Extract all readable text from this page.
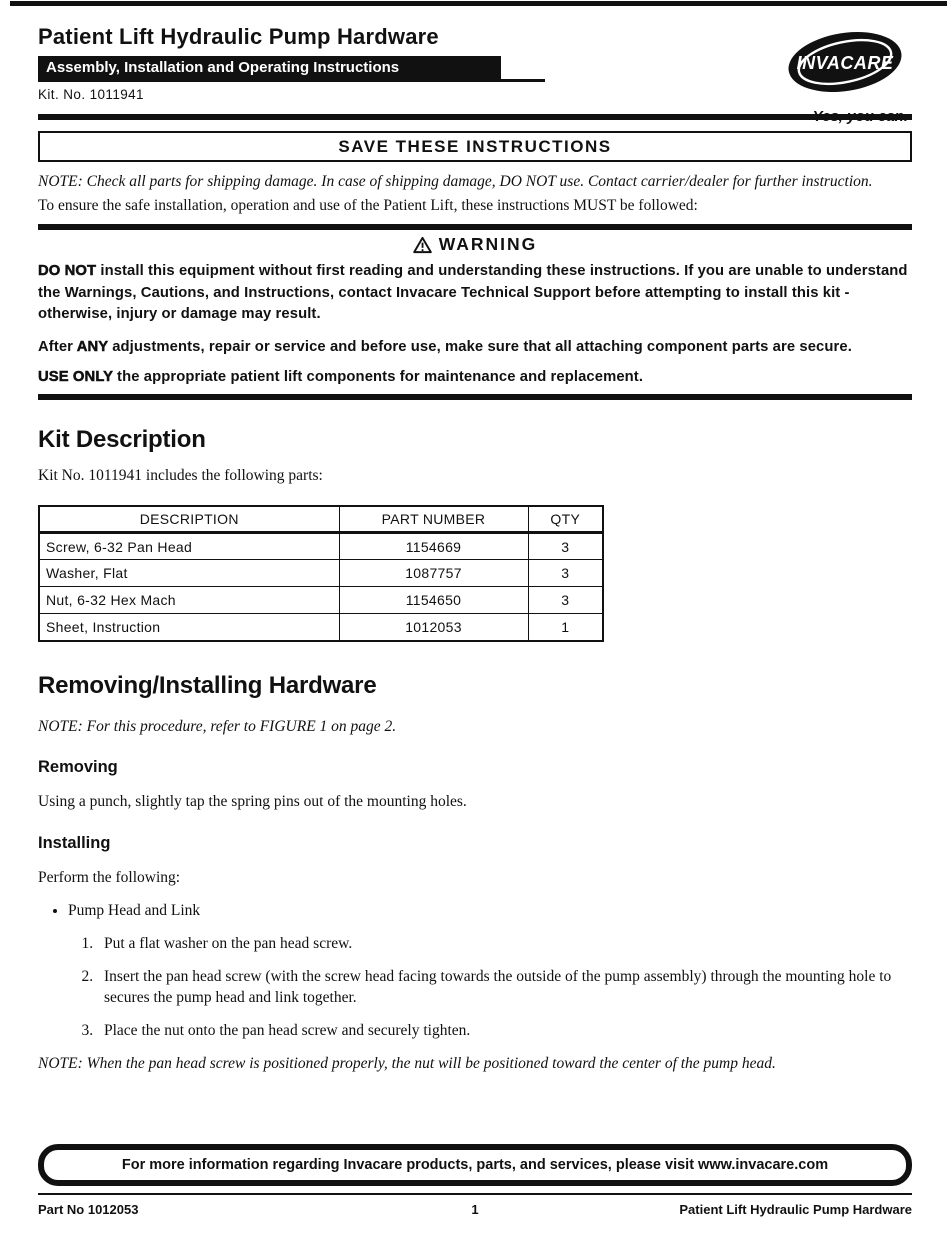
Patient Lift Hydraulic Pump Hardware
Assembly, Installation and Operating Instructions
Kit. No. 1011941
INVACARE
Yes, you can.
SAVE THESE INSTRUCTIONS

NOTE: Check all parts for shipping damage. In case of shipping damage, DO NOT use. Contact carrier/dealer for further instruction.

To ensure the safe installation, operation and use of the Patient Lift, these instructions MUST be followed:

WARNING

DO NOT install this equipment without first reading and understanding these instructions. If you are unable to understand the Warnings, Cautions, and Instructions, contact Invacare Technical Support before attempting to install this kit - otherwise, injury or damage may result.

After ANY adjustments, repair or service and before use, make sure that all attaching component parts are secure.

USE ONLY the appropriate patient lift components for maintenance and replacement.

Kit Description

Kit No. 1011941 includes the following parts:

DESCRIPTION	PART NUMBER	QTY
Screw, 6-32 Pan Head	1154669	3
Washer, Flat	1087757	3
Nut, 6-32 Hex Mach	1154650	3
Sheet, Instruction	1012053	1
Removing/Installing Hardware

NOTE: For this procedure, refer to FIGURE 1 on page 2.

Removing

Using a punch, slightly tap the spring pins out of the mounting holes.

Installing

Perform the following:

• Pump Head and Link
1. Put a flat washer on the pan head screw.
2. Insert the pan head screw (with the screw head facing towards the outside of the pump assembly) through the mounting hole to secures the pump head and link together.
3. Place the nut onto the pan head screw and securely tighten.

NOTE: When the pan head screw is positioned properly, the nut will be positioned toward the center of the pump head.

For more information regarding Invacare products, parts, and services, please visit www.invacare.com
1
Part No 1012053	Patient Lift Hydraulic Pump Hardware
